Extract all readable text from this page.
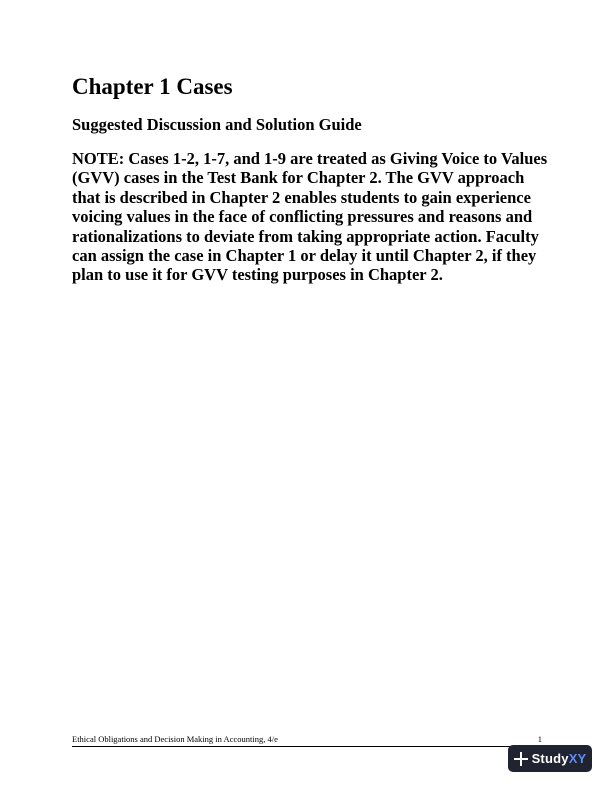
Chapter 1 Cases
Suggested Discussion and Solution Guide

NOTE: Cases 1-2, 1-7, and 1-9 are treated as Giving Voice to Values (GVV) cases in the Test Bank for Chapter 2. The GVV approach that is described in Chapter 2 enables students to gain experience voicing values in the face of conflicting pressures and reasons and rationalizations to deviate from taking appropriate action. Faculty can assign the case in Chapter 1 or delay it until Chapter 2, if they plan to use it for GVV testing purposes in Chapter 2.

Ethical Obligations and Decision Making in Accounting, 4/e	1
StudyXY
